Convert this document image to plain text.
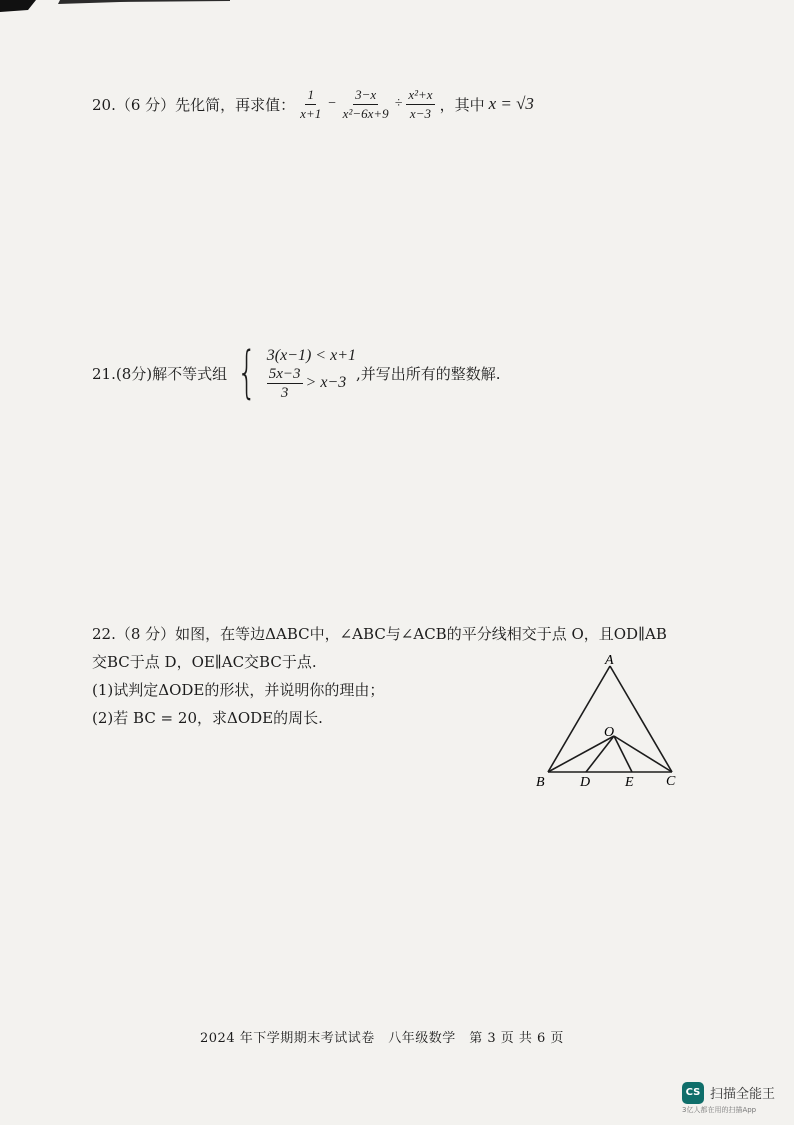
20.（6 分）先化简，再求值： $\frac{1}{x+1} - \frac{3-x}{\text{x²−6x+9}} \div \frac{\text{x²+x}}{x-3}$ ，其中 x = √3
21.(8分)解不等式组 { 3(x−1) < x+1
$\frac{5x-3}{3} > x-3$ ,并写出所有的整数解.
22.（8 分）如图，在等边ΔABC中，∠ABC与∠ACB的平分线相交于点 O，且OD∥AB
交BC于点 D，OE∥AC交BC于点.
(1)试判定ΔODE的形状，并说明你的理由；
(2)若 BC = 20，求ΔODE的周长.
A
B	C
O
D E
2024 年下学期期末考试试卷　八年级数学　第 3 页 共 6 页
CS 扫描全能王
3亿人都在用的扫描App
